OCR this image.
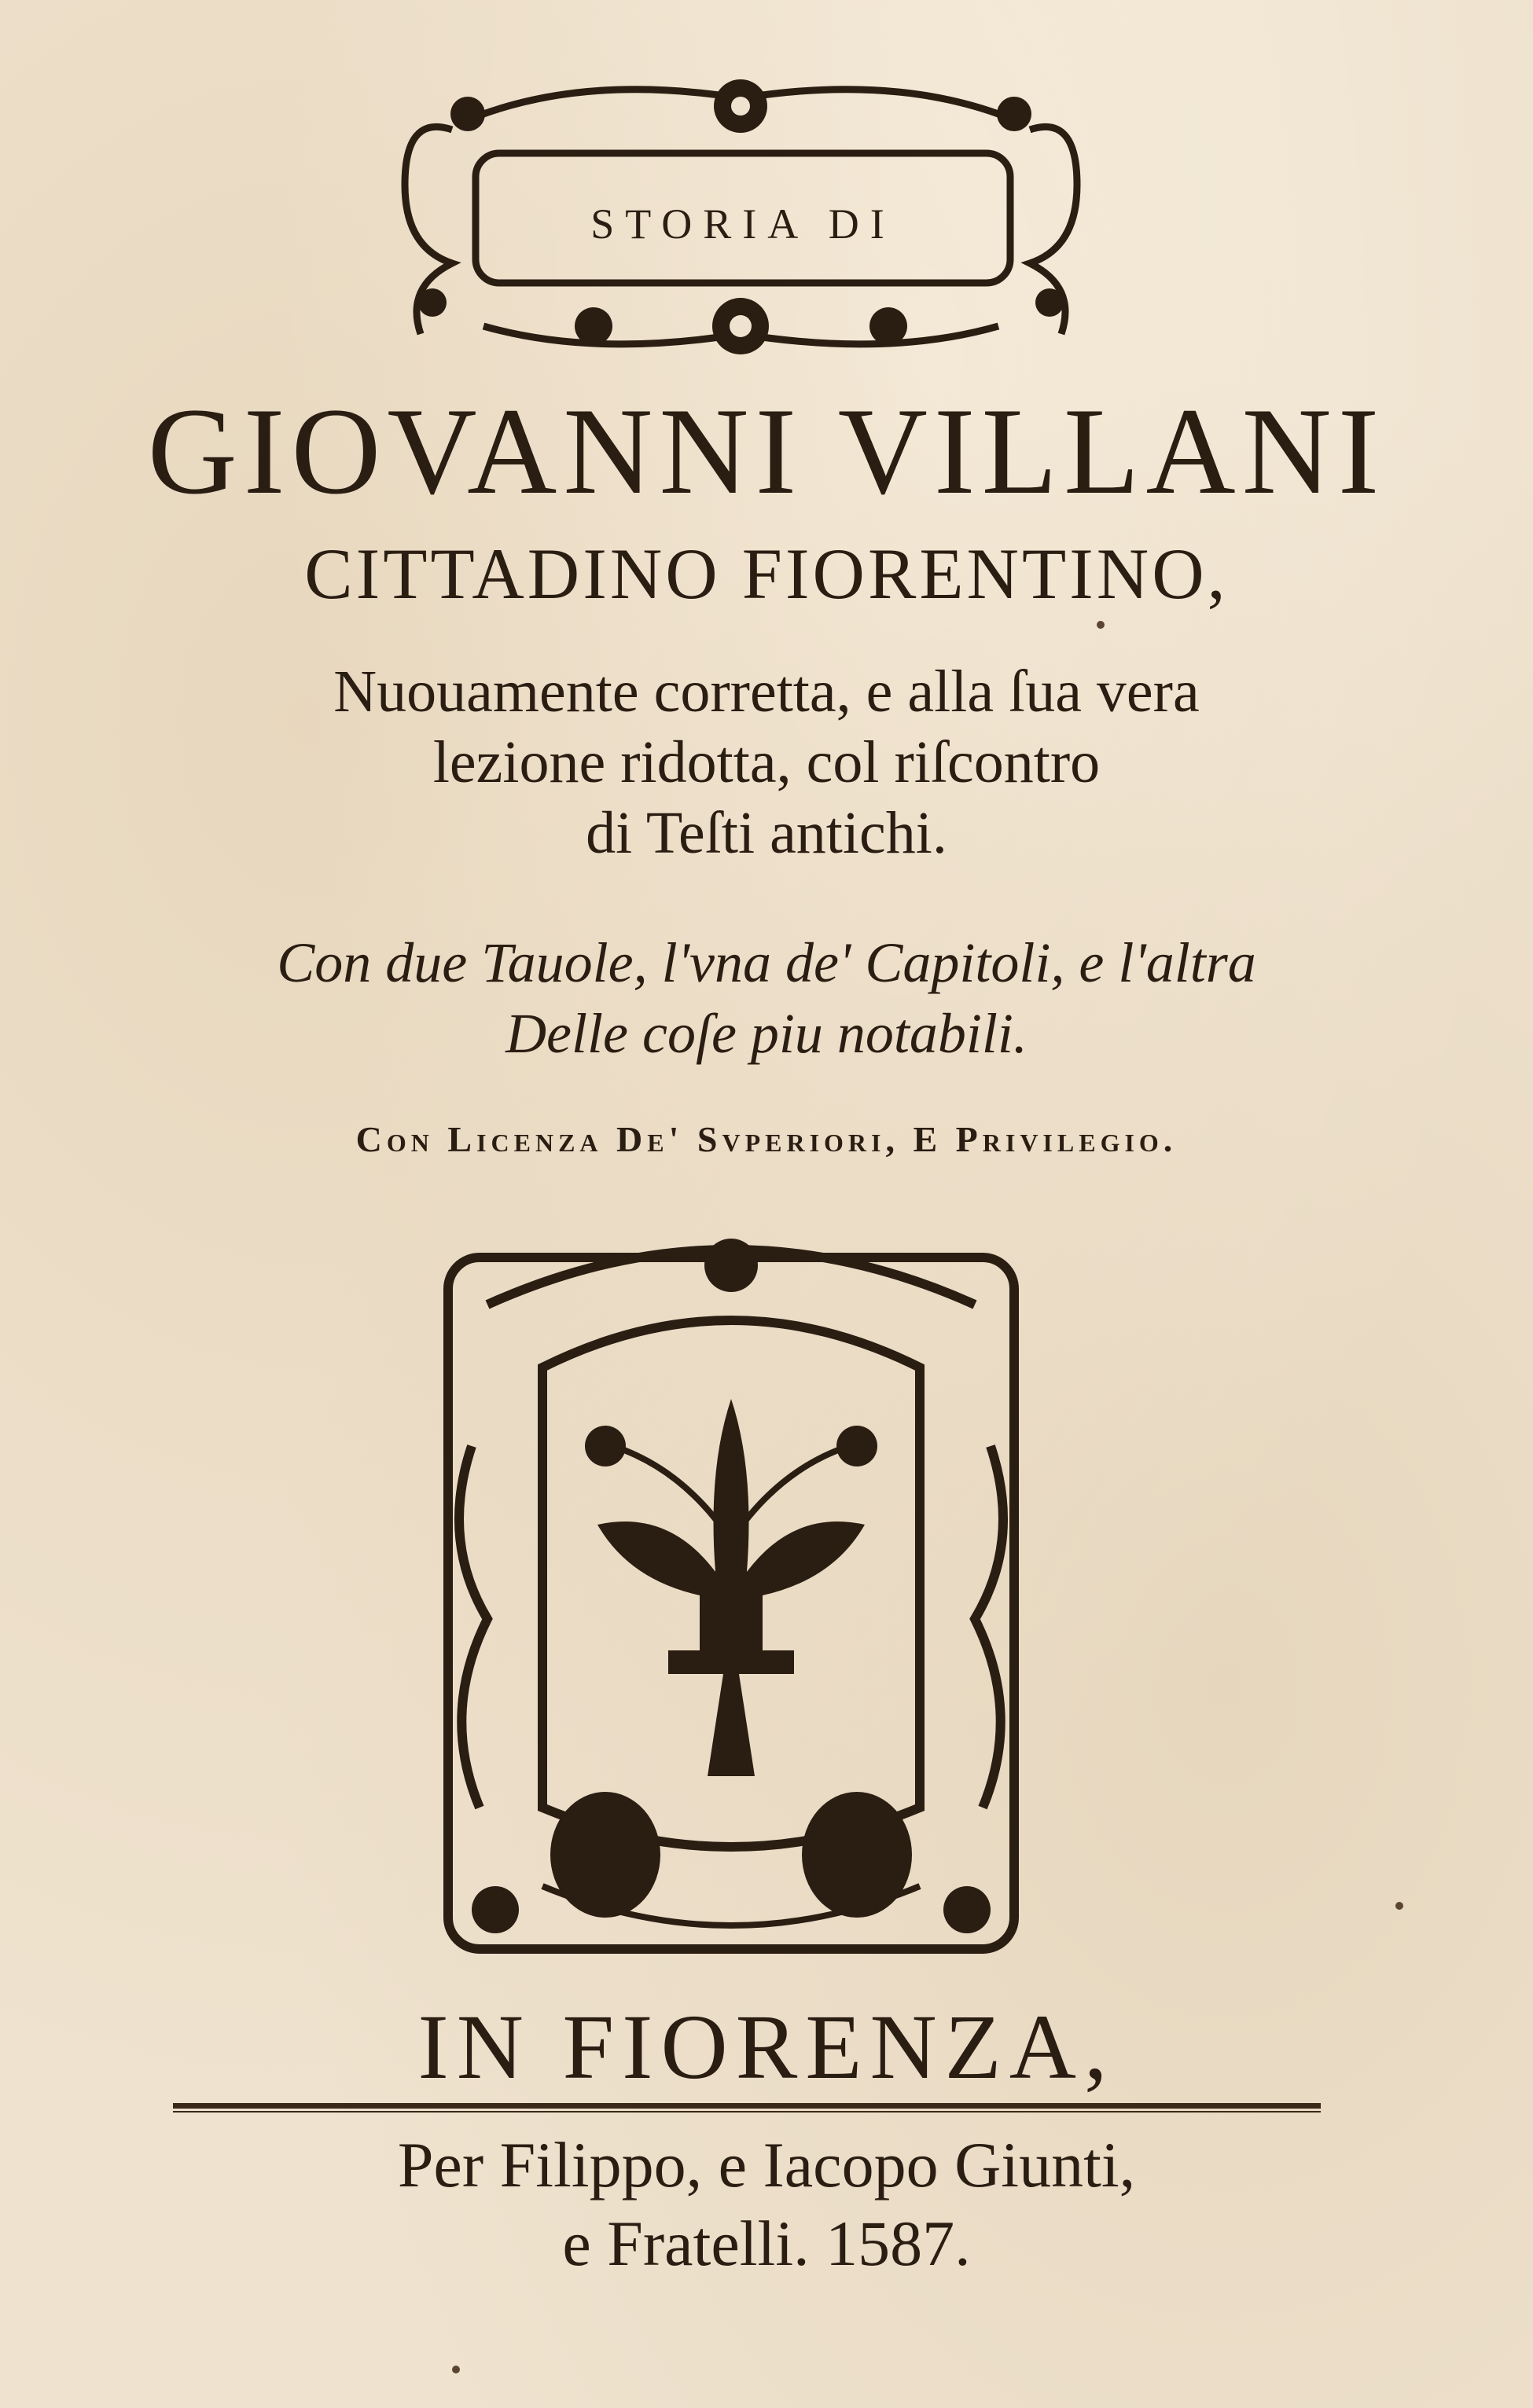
STORIA DI
GIOVANNI VILLANI
CITTADINO FIORENTINO,
Nuouamente corretta, e alla ſua vera
lezione ridotta, col riſcontro
di Teſti antichi.
Con due Tauole, l'vna de' Capitoli, e l'altra
Delle coſe piu notabili.
Con Licenza De' Svperiori, E Privilegio.
IN FIORENZA,
Per Filippo, e Iacopo Giunti,
e Fratelli. 1587.
